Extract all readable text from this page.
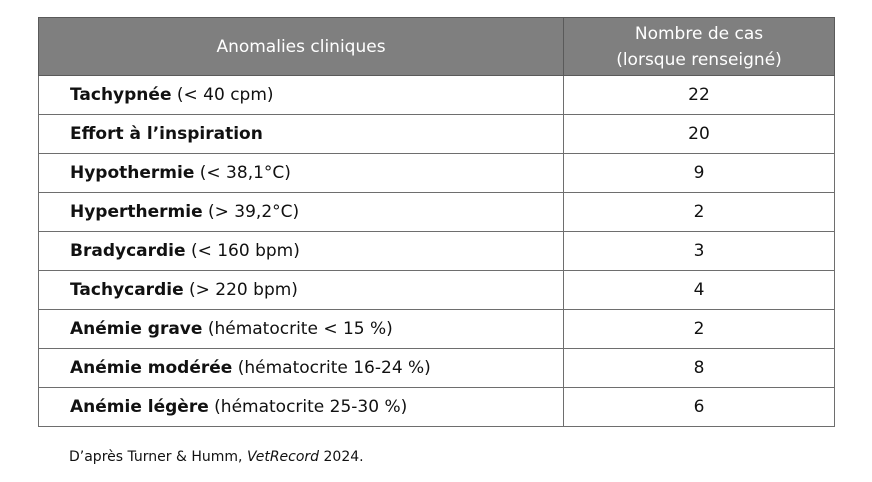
Anomalies cliniques	Nombre de cas
(lorsque renseigné)

Tachypnée (< 40 cpm)	22
Effort à l’inspiration	20
Hypothermie (< 38,1°C)	9
Hyperthermie (> 39,2°C)	2
Bradycardie (< 160 bpm)	3
Tachycardie (> 220 bpm)	4
Anémie grave (hématocrite < 15 %)	2
Anémie modérée (hématocrite 16-24 %)	8
Anémie légère (hématocrite 25-30 %)	6
D’après Turner & Humm, VetRecord 2024.
